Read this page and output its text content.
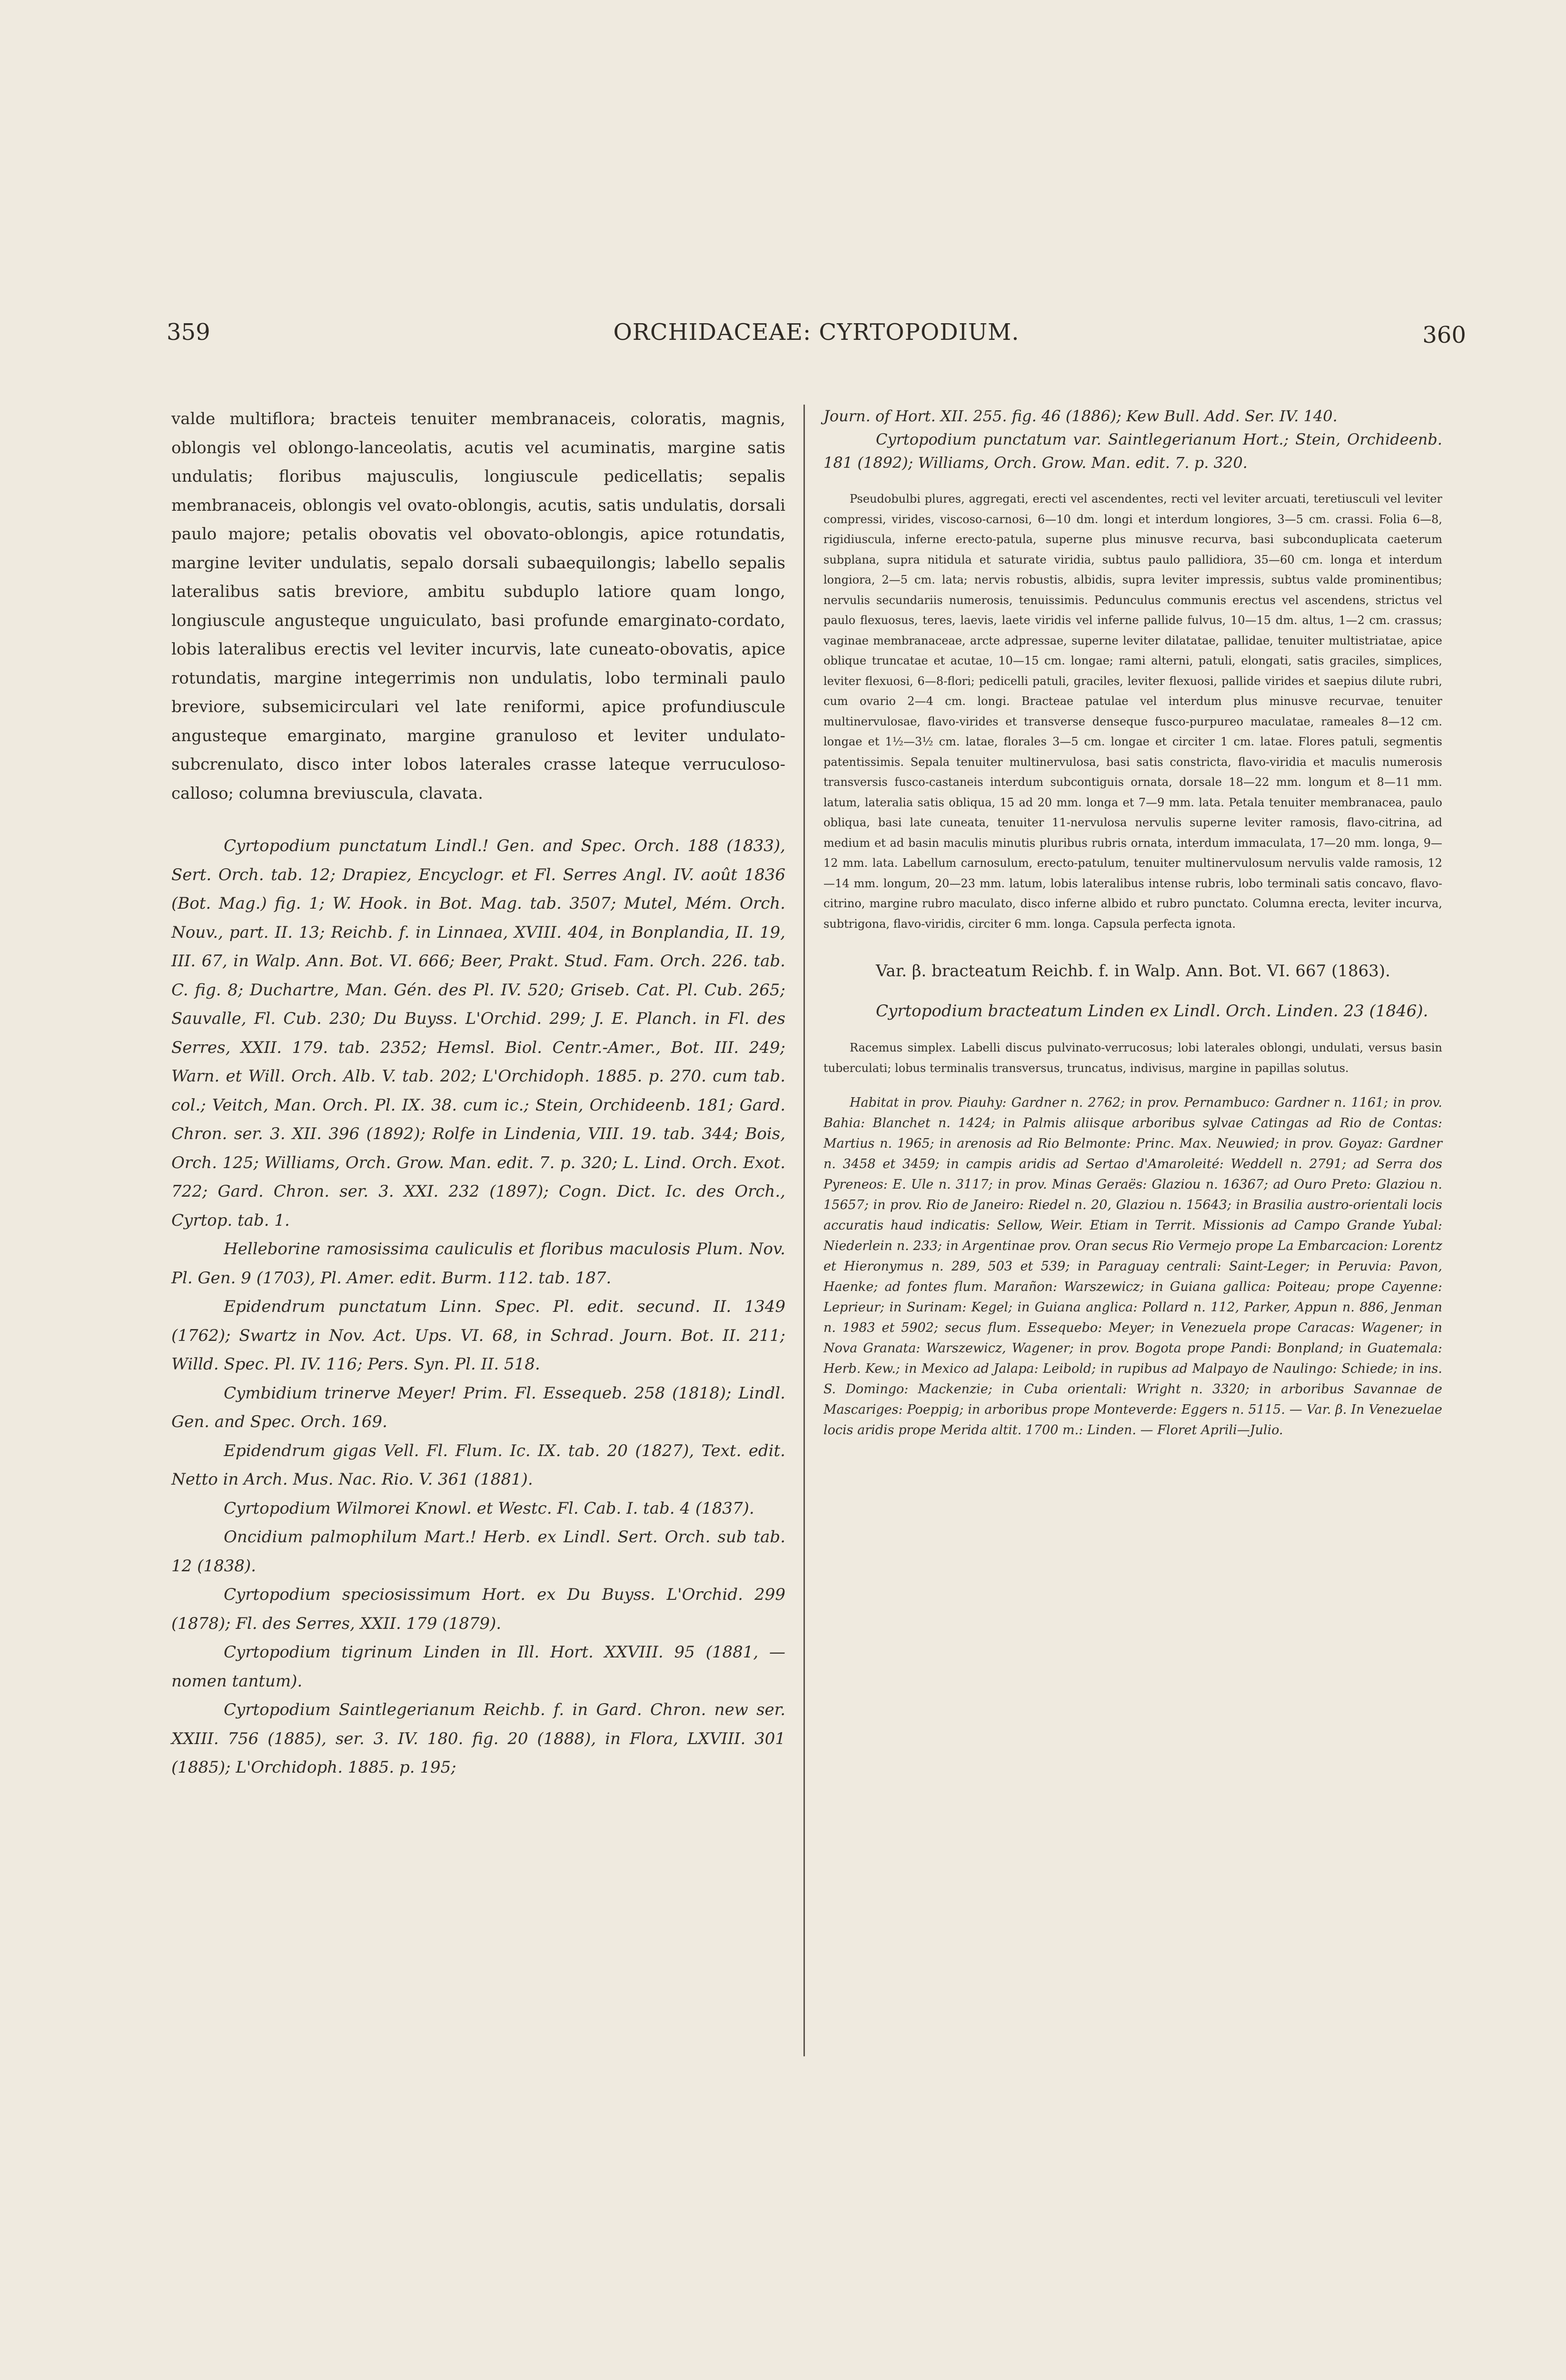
359	ORCHIDACEAE: CYRTOPODIUM.	360

valde multiflora; bracteis tenuiter membranaceis, coloratis, magnis, oblongis vel oblongo-lanceolatis, acutis vel acuminatis, margine satis undulatis; floribus majusculis, longiuscule pedicellatis; sepalis membranaceis, oblongis vel ovato-oblongis, acutis, satis undulatis, dorsali paulo majore; petalis obovatis vel obovato-oblongis, apice rotundatis, margine leviter undulatis, sepalo dorsali subaequilongis; labello sepalis lateralibus satis breviore, ambitu subduplo latiore quam longo, longiuscule angusteque unguiculato, basi profunde emarginato-cordato, lobis lateralibus erectis vel leviter incurvis, late cuneato-obovatis, apice rotundatis, margine integerrimis non undulatis, lobo terminali paulo breviore, subsemicirculari vel late reniformi, apice profundiuscule angusteque emarginato, margine granuloso et leviter undulato-subcrenulato, disco inter lobos laterales crasse lateque verruculoso-calloso; columna breviuscula, clavata.

Cyrtopodium punctatum Lindl.! Gen. and Spec. Orch. 188 (1833), Sert. Orch. tab. 12; Drapiez, Encyclogr. et Fl. Serres Angl. IV. août 1836 (Bot. Mag.) fig. 1; W. Hook. in Bot. Mag. tab. 3507; Mutel, Mém. Orch. Nouv., part. II. 13; Reichb. f. in Linnaea, XVIII. 404, in Bonplandia, II. 19, III. 67, in Walp. Ann. Bot. VI. 666; Beer, Prakt. Stud. Fam. Orch. 226. tab. C. fig. 8; Duchartre, Man. Gén. des Pl. IV. 520; Griseb. Cat. Pl. Cub. 265; Sauvalle, Fl. Cub. 230; Du Buyss. L'Orchid. 299; J. E. Planch. in Fl. des Serres, XXII. 179. tab. 2352; Hemsl. Biol. Centr.-Amer., Bot. III. 249; Warn. et Will. Orch. Alb. V. tab. 202; L'Orchidoph. 1885. p. 270. cum tab. col.; Veitch, Man. Orch. Pl. IX. 38. cum ic.; Stein, Orchideenb. 181; Gard. Chron. ser. 3. XII. 396 (1892); Rolfe in Lindenia, VIII. 19. tab. 344; Bois, Orch. 125; Williams, Orch. Grow. Man. edit. 7. p. 320; L. Lind. Orch. Exot. 722; Gard. Chron. ser. 3. XXI. 232 (1897); Cogn. Dict. Ic. des Orch., Cyrtop. tab. 1.

Helleborine ramosissima cauliculis et floribus maculosis Plum. Nov. Pl. Gen. 9 (1703), Pl. Amer. edit. Burm. 112. tab. 187.

Epidendrum punctatum Linn. Spec. Pl. edit. secund. II. 1349 (1762); Swartz in Nov. Act. Ups. VI. 68, in Schrad. Journ. Bot. II. 211; Willd. Spec. Pl. IV. 116; Pers. Syn. Pl. II. 518.

Cymbidium trinerve Meyer! Prim. Fl. Essequeb. 258 (1818); Lindl. Gen. and Spec. Orch. 169.

Epidendrum gigas Vell. Fl. Flum. Ic. IX. tab. 20 (1827), Text. edit. Netto in Arch. Mus. Nac. Rio. V. 361 (1881).

Cyrtopodium Wilmorei Knowl. et Westc. Fl. Cab. I. tab. 4 (1837).

Oncidium palmophilum Mart.! Herb. ex Lindl. Sert. Orch. sub tab. 12 (1838).

Cyrtopodium speciosissimum Hort. ex Du Buyss. L'Orchid. 299 (1878); Fl. des Serres, XXII. 179 (1879).

Cyrtopodium tigrinum Linden in Ill. Hort. XXVIII. 95 (1881, — nomen tantum).

Cyrtopodium Saintlegerianum Reichb. f. in Gard. Chron. new ser. XXIII. 756 (1885), ser. 3. IV. 180. fig. 20 (1888), in Flora, LXVIII. 301 (1885); L'Orchidoph. 1885. p. 195;

Journ. of Hort. XII. 255. fig. 46 (1886); Kew Bull. Add. Ser. IV. 140.

Cyrtopodium punctatum var. Saintlegerianum Hort.; Stein, Orchideenb. 181 (1892); Williams, Orch. Grow. Man. edit. 7. p. 320.

Pseudobulbi plures, aggregati, erecti vel ascendentes, recti vel leviter arcuati, teretiusculi vel leviter compressi, virides, viscoso-carnosi, 6—10 dm. longi et interdum longiores, 3—5 cm. crassi. Folia 6—8, rigidiuscula, inferne erecto-patula, superne plus minusve recurva, basi subconduplicata caeterum subplana, supra nitidula et saturate viridia, subtus paulo pallidiora, 35—60 cm. longa et interdum longiora, 2—5 cm. lata; nervis robustis, albidis, supra leviter impressis, subtus valde prominentibus; nervulis secundariis numerosis, tenuissimis. Pedunculus communis erectus vel ascendens, strictus vel paulo flexuosus, teres, laevis, laete viridis vel inferne pallide fulvus, 10—15 dm. altus, 1—2 cm. crassus; vaginae membranaceae, arcte adpressae, superne leviter dilatatae, pallidae, tenuiter multistriatae, apice oblique truncatae et acutae, 10—15 cm. longae; rami alterni, patuli, elongati, satis graciles, simplices, leviter flexuosi, 6—8-flori; pedicelli patuli, graciles, leviter flexuosi, pallide virides et saepius dilute rubri, cum ovario 2—4 cm. longi. Bracteae patulae vel interdum plus minusve recurvae, tenuiter multinervulosae, flavo-virides et transverse denseque fusco-purpureo maculatae, rameales 8—12 cm. longae et 1½—3½ cm. latae, florales 3—5 cm. longae et circiter 1 cm. latae. Flores patuli, segmentis patentissimis. Sepala tenuiter multinervulosa, basi satis constricta, flavo-viridia et maculis numerosis transversis fusco-castaneis interdum subcontiguis ornata, dorsale 18—22 mm. longum et 8—11 mm. latum, lateralia satis obliqua, 15 ad 20 mm. longa et 7—9 mm. lata. Petala tenuiter membranacea, paulo obliqua, basi late cuneata, tenuiter 11-nervulosa nervulis superne leviter ramosis, flavo-citrina, ad medium et ad basin maculis minutis pluribus rubris ornata, interdum immaculata, 17—20 mm. longa, 9—12 mm. lata. Labellum carnosulum, erecto-patulum, tenuiter multinervulosum nervulis valde ramosis, 12—14 mm. longum, 20—23 mm. latum, lobis lateralibus intense rubris, lobo terminali satis concavo, flavo-citrino, margine rubro maculato, disco inferne albido et rubro punctato. Columna erecta, leviter incurva, subtrigona, flavo-viridis, circiter 6 mm. longa. Capsula perfecta ignota.

Var. β. bracteatum Reichb. f. in Walp. Ann. Bot. VI. 667 (1863).

Cyrtopodium bracteatum Linden ex Lindl. Orch. Linden. 23 (1846).

Racemus simplex. Labelli discus pulvinato-verrucosus; lobi laterales oblongi, undulati, versus basin tuberculati; lobus terminalis transversus, truncatus, indivisus, margine in papillas solutus.

Habitat in prov. Piauhy: Gardner n. 2762; in prov. Pernambuco: Gardner n. 1161; in prov. Bahia: Blanchet n. 1424; in Palmis aliisque arboribus sylvae Catingas ad Rio de Contas: Martius n. 1965; in arenosis ad Rio Belmonte: Princ. Max. Neuwied; in prov. Goyaz: Gardner n. 3458 et 3459; in campis aridis ad Sertao d'Amaroleité: Weddell n. 2791; ad Serra dos Pyreneos: E. Ule n. 3117; in prov. Minas Geraës: Glaziou n. 16367; ad Ouro Preto: Glaziou n. 15657; in prov. Rio de Janeiro: Riedel n. 20, Glaziou n. 15643; in Brasilia austro-orientali locis accuratis haud indicatis: Sellow, Weir. Etiam in Territ. Missionis ad Campo Grande Yubal: Niederlein n. 233; in Argentinae prov. Oran secus Rio Vermejo prope La Embarcacion: Lorentz et Hieronymus n. 289, 503 et 539; in Paraguay centrali: Saint-Leger; in Peruvia: Pavon, Haenke; ad fontes flum. Marañon: Warszewicz; in Guiana gallica: Poiteau; prope Cayenne: Leprieur; in Surinam: Kegel; in Guiana anglica: Pollard n. 112, Parker, Appun n. 886, Jenman n. 1983 et 5902; secus flum. Essequebo: Meyer; in Venezuela prope Caracas: Wagener; in Nova Granata: Warszewicz, Wagener; in prov. Bogota prope Pandi: Bonpland; in Guatemala: Herb. Kew.; in Mexico ad Jalapa: Leibold; in rupibus ad Malpayo de Naulingo: Schiede; in ins. S. Domingo: Mackenzie; in Cuba orientali: Wright n. 3320; in arboribus Savannae de Mascariges: Poeppig; in arboribus prope Monteverde: Eggers n. 5115. — Var. β. In Venezuelae locis aridis prope Merida altit. 1700 m.: Linden. — Floret Aprili—Julio.
